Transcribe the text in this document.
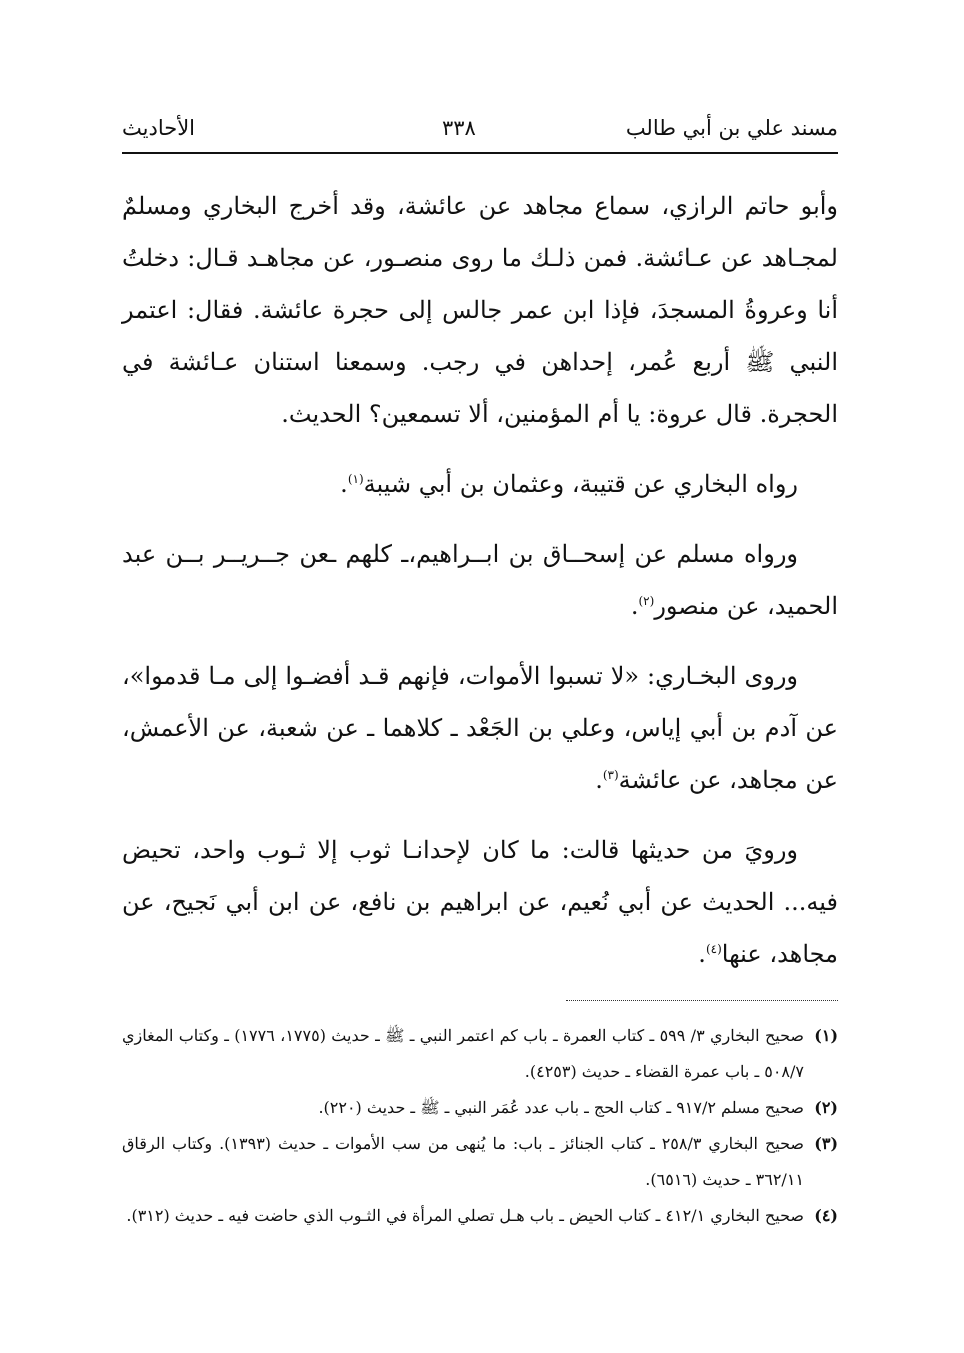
مسند علي بن أبي طالب
٣٣٨
الأحاديث

وأبو حاتم الرازي، سماع مجاهد عن عائشة، وقد أخرج البخاري ومسلمٌ لمجـاهد عن عـائشة. فمن ذلـك ما روى منصـور، عن مجاهـد قـال: دخلتُ أنا وعروةُ المسجدَ، فإذا ابن عمر جالس إلى حجرة عائشة. فقال: اعتمر النبي ﷺ أربع عُمر، إحداهن في رجب. وسمعنا استنان عـائشة في الحجرة. قال عروة: يا أم المؤمنين، ألا تسمعين؟ الحديث.

رواه البخاري عن قتيبة، وعثمان بن أبي شيبة$^{(١)}$.

ورواه مسلم عن إسحــاق بن ابــراهيم،ـ كلهم ـعن جــريــر بــن عبد الحميد، عن منصور$^{(٢)}$.

وروى البخـاري: «لا تسبوا الأموات، فإنهم قـد أفضـوا إلى مـا قدموا»، عن آدم بن أبي إياس، وعلي بن الجَعْد ـ كلاهما ـ عن شعبة، عن الأعمش، عن مجاهد، عن عائشة$^{(٣)}$.

ورويَ من حديثها قالت: ما كان لإحدانـا ثوب إلا ثـوب واحد، تحيض فيه... الحديث عن أبي نُعيم، عن ابراهيم بن نافع، عن ابن أبي نَجيح، عن مجاهد، عنها$^{(٤)}$.

(١)صحيح البخاري ٣/ ٥٩٩ ـ كتاب العمرة ـ باب كم اعتمر النبي ـ ﷺ ـ حديث (١٧٧٥، ١٧٧٦) ـ وكتاب المغازي ٥٠٨/٧ ـ باب عمرة القضاء ـ حديث (٤٢٥٣).

(٢)صحيح مسلم ٩١٧/٢ ـ كتاب الحج ـ باب عدد عُمَر النبي ـ ﷺ ـ حديث (٢٢٠).

(٣)صحيح البخاري ٢٥٨/٣ ـ كتاب الجنائز ـ باب: ما يُنهى من سب الأموات ـ حديث (١٣٩٣). وكتاب الرقاق ٣٦٢/١١ ـ حديث (٦٥١٦).

(٤)صحيح البخاري ٤١٢/١ ـ كتاب الحيض ـ باب هـل تصلي المرأة في الثـوب الذي حاضت فيه ـ حديث (٣١٢).
